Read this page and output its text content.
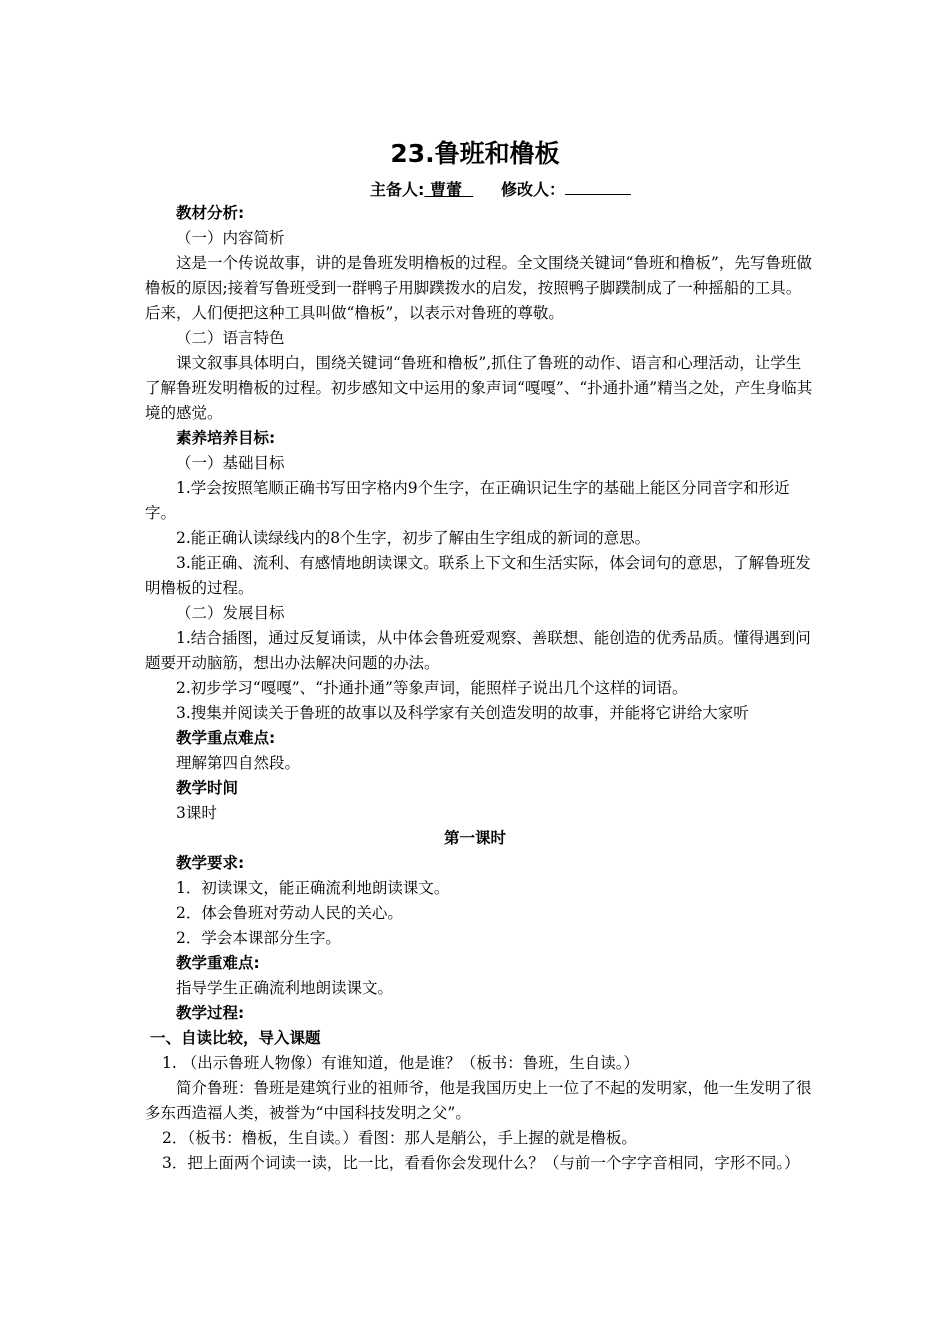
23.鲁班和橹板
主备人: 曹蕾 修改人：
教材分析:
（一）内容简析
这是一个传说故事，讲的是鲁班发明橹板的过程。全文围绕关键词“鲁班和橹板”，先写鲁班做橹板的原因;接着写鲁班受到一群鸭子用脚蹼拨水的启发，按照鸭子脚蹼制成了一种摇船的工具。后来，人们便把这种工具叫做“橹板”，以表示对鲁班的尊敬。
（二）语言特色
课文叙事具体明白，围绕关键词“鲁班和橹板”,抓住了鲁班的动作、语言和心理活动，让学生了解鲁班发明橹板的过程。初步感知文中运用的象声词“嘎嘎”、“扑通扑通”精当之处，产生身临其境的感觉。
素养培养目标:
（一）基础目标
1.学会按照笔顺正确书写田字格内9个生字，在正确识记生字的基础上能区分同音字和形近字。
2.能正确认读绿线内的8个生字，初步了解由生字组成的新词的意思。
3.能正确、流利、有感情地朗读课文。联系上下文和生活实际，体会词句的意思，了解鲁班发明橹板的过程。
（二）发展目标
1.结合插图，通过反复诵读，从中体会鲁班爱观察、善联想、能创造的优秀品质。懂得遇到问题要开动脑筋，想出办法解决问题的办法。
2.初步学习“嘎嘎”、“扑通扑通”等象声词，能照样子说出几个这样的词语。
3.搜集并阅读关于鲁班的故事以及科学家有关创造发明的故事，并能将它讲给大家听
教学重点难点:
理解第四自然段。
教学时间
3课时
第一课时
教学要求:
1．初读课文，能正确流利地朗读课文。
2．体会鲁班对劳动人民的关心。
2．学会本课部分生字。
教学重难点:
指导学生正确流利地朗读课文。
教学过程:
一、自读比较，导入课题
1. （出示鲁班人物像）有谁知道，他是谁？（板书：鲁班，生自读。）
简介鲁班：鲁班是建筑行业的祖师爷，他是我国历史上一位了不起的发明家，他一生发明了很多东西造福人类，被誉为“中国科技发明之父”。
2．（板书：橹板，生自读。）看图：那人是艄公，手上握的就是橹板。
3．把上面两个词读一读，比一比，看看你会发现什么？（与前一个字字音相同，字形不同。）
